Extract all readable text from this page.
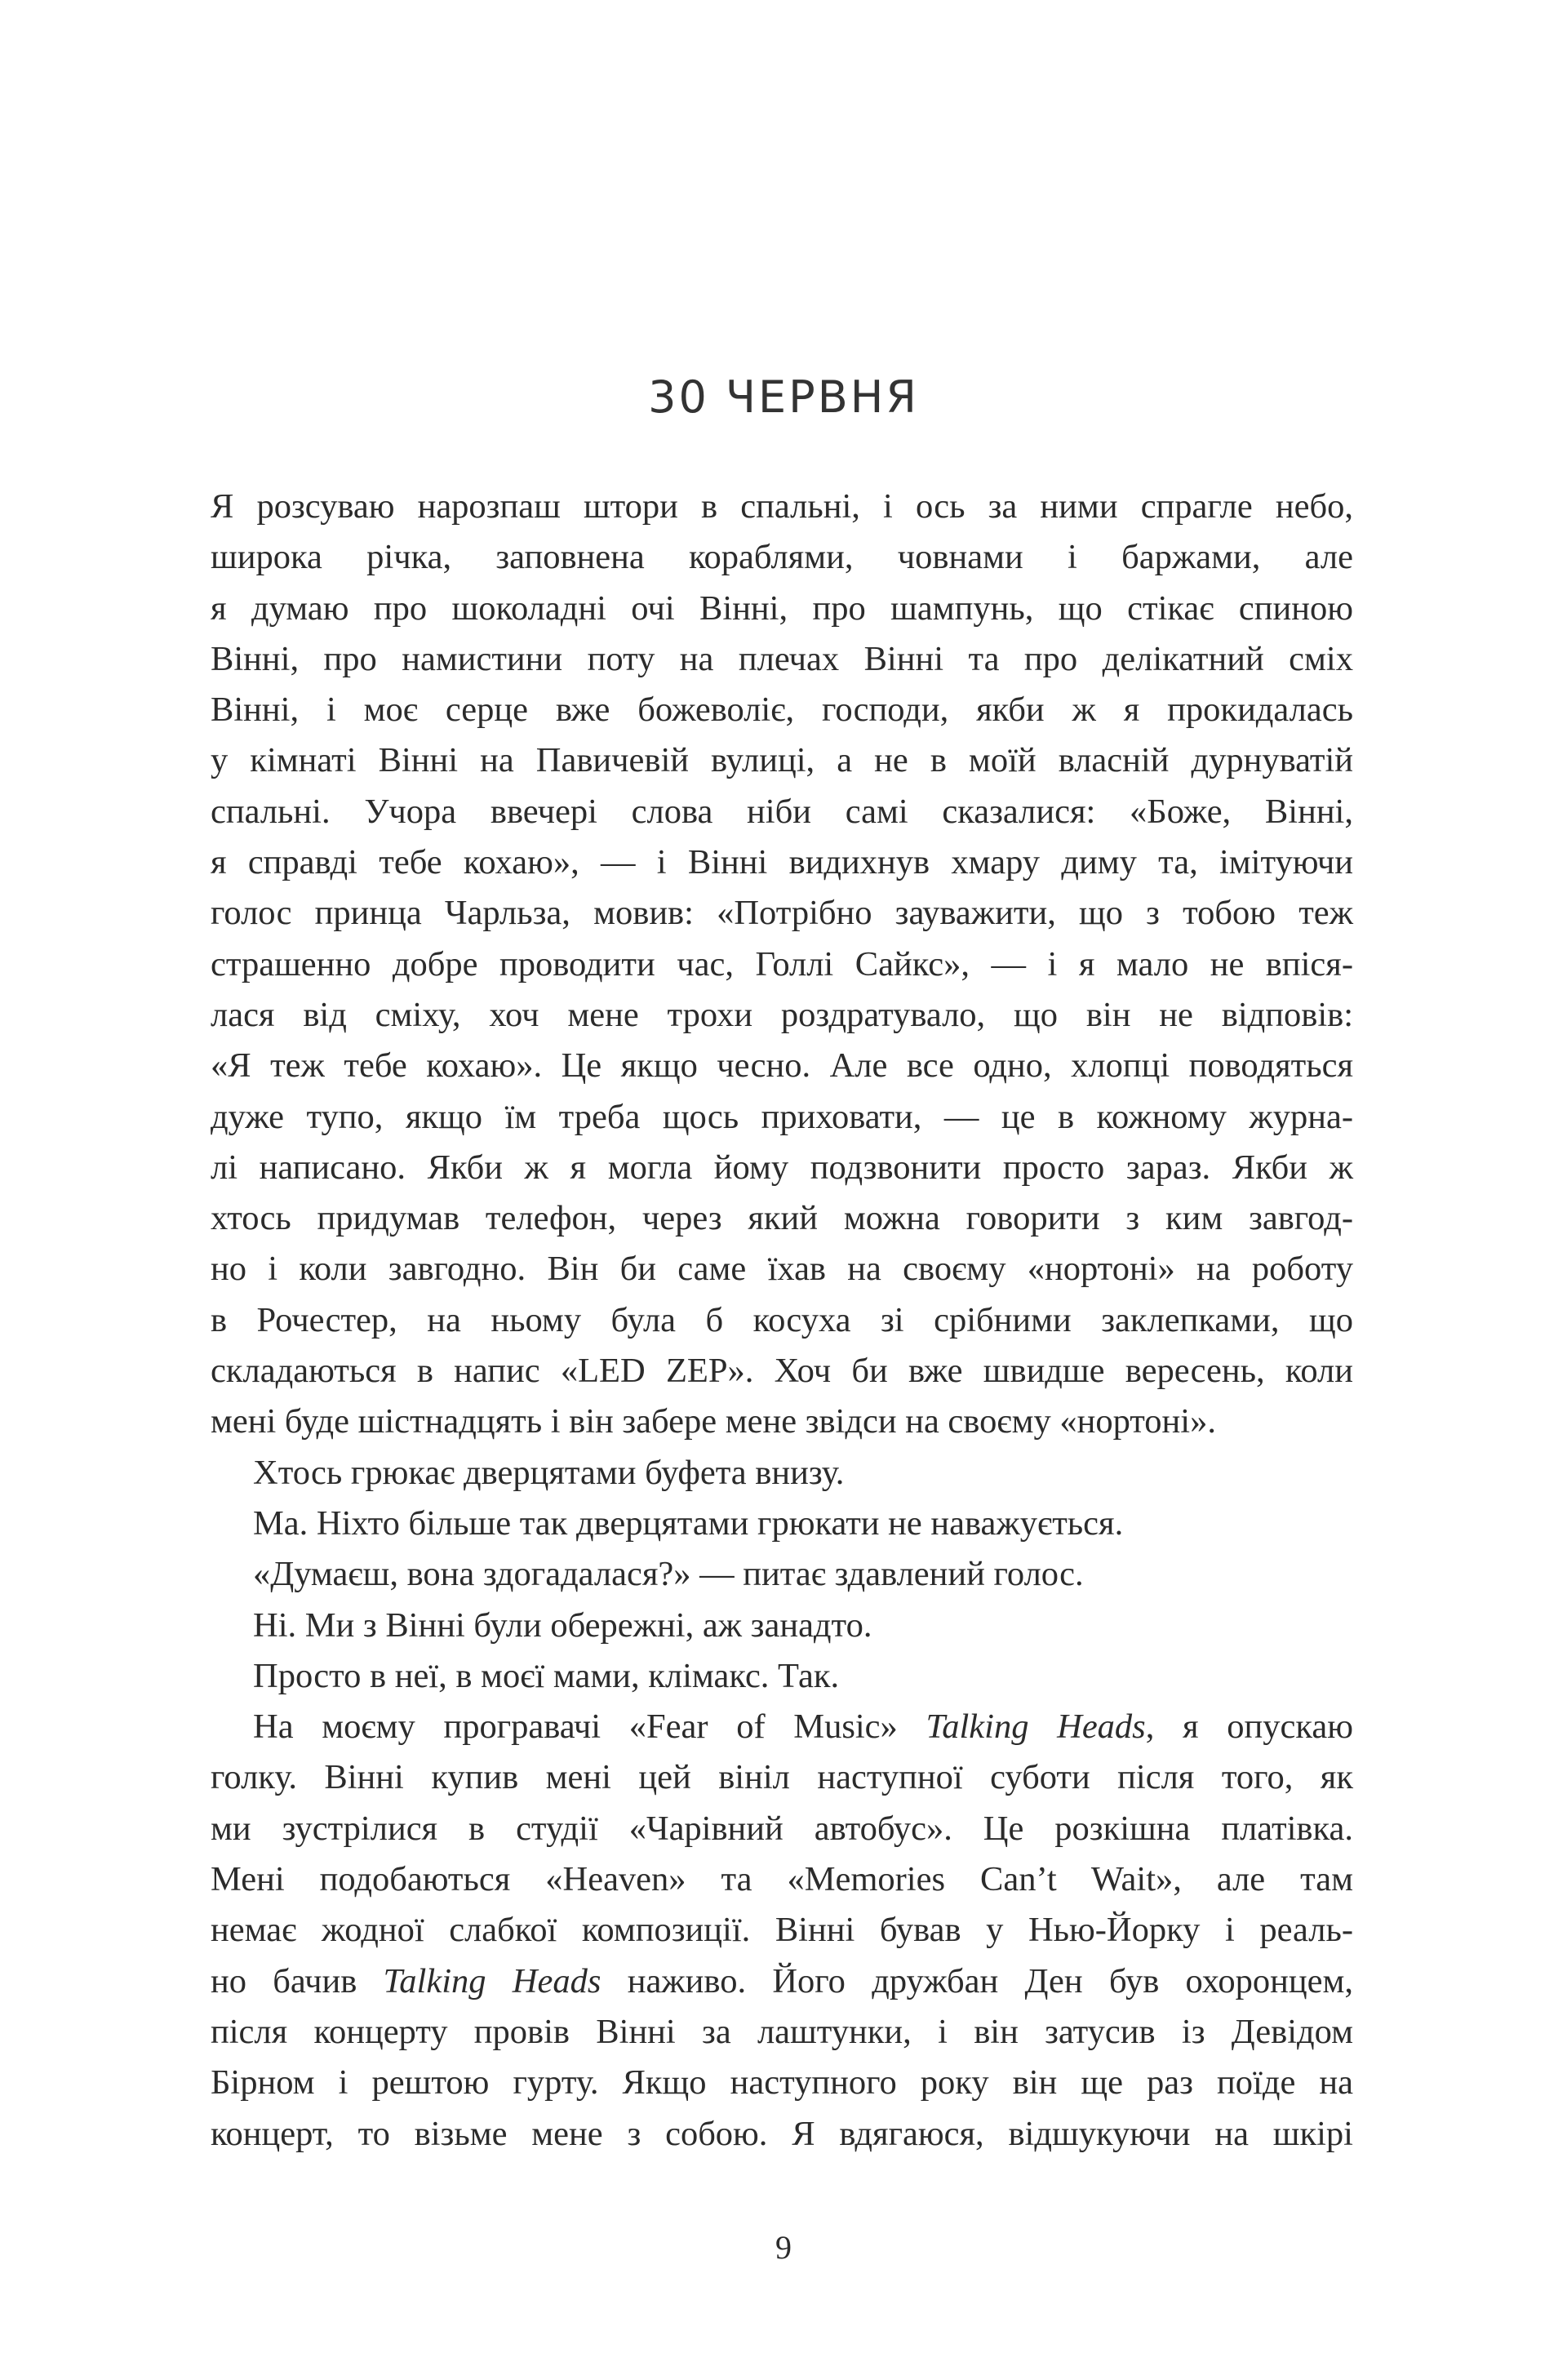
30 ЧЕРВНЯ
Я розсуваю нарозпаш штори в спальні, і ось за ними спрагле небо,
широка річка, заповнена кораблями, човнами і баржами, але
я думаю про шоколадні очі Вінні, про шампунь, що стікає спиною
Вінні, про намистини поту на плечах Вінні та про делікатний сміх
Вінні, і моє серце вже божеволіє, господи, якби ж я прокидалась
у кімнаті Вінні на Павичевій вулиці, а не в моїй власній дурнуватій
спальні. Учора ввечері слова ніби самі сказалися: «Боже, Вінні,
я справді тебе кохаю», — і Вінні видихнув хмару диму та, імітуючи
голос принца Чарльза, мовив: «Потрібно зауважити, що з тобою теж
страшенно добре проводити час, Голлі Сайкс», — і я мало не впіся-
лася від сміху, хоч мене трохи роздратувало, що він не відповів:
«Я теж тебе кохаю». Це якщо чесно. Але все одно, хлопці поводяться
дуже тупо, якщо їм треба щось приховати, — це в кожному журна-
лі написано. Якби ж я могла йому подзвонити просто зараз. Якби ж
хтось придумав телефон, через який можна говорити з ким завгод-
но і коли завгодно. Він би саме їхав на своєму «нортоні» на роботу
в Рочестер, на ньому була б косуха зі срібними заклепками, що
складаються в напис «LED ZEP». Хоч би вже швидше вересень, коли
мені буде шістнадцять і він забере мене звідси на своєму «нортоні».
Хтось грюкає дверцятами буфета внизу.
Ма. Ніхто більше так дверцятами грюкати не наважується.
«Думаєш, вона здогадалася?» — питає здавлений голос.
Ні. Ми з Вінні були обережні, аж занадто.
Просто в неї, в моєї мами, клімакс. Так.
На моєму програвачі «Fear of Music» Talking Heads, я опускаю
голку. Вінні купив мені цей вініл наступної суботи після того, як
ми зустрілися в студії «Чарівний автобус». Це розкішна платівка.
Мені подобаються «Heaven» та «Memories Can’t Wait», але там
немає жодної слабкої композиції. Вінні бував у Нью-Йорку і реаль-
но бачив Talking Heads наживо. Його дружбан Ден був охоронцем,
після концерту провів Вінні за лаштунки, і він затусив із Девідом
Бірном і рештою гурту. Якщо наступного року він ще раз поїде на
концерт, то візьме мене з собою. Я вдягаюся, відшукуючи на шкірі
9
